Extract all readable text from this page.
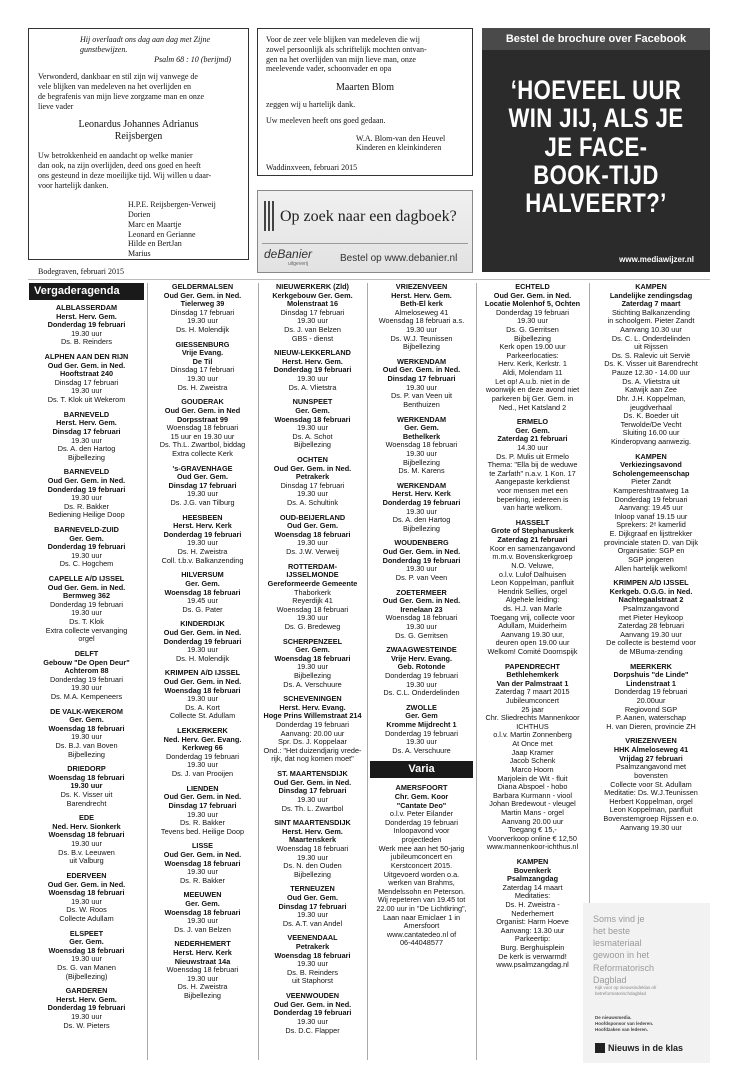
Hij overlaadt ons dag aan dag met Zijne
gunstbewijzen.
Psalm 68 : 10 (berijmd)
Verwonderd, dankbaar en stil zijn wij vanwege de
vele blijken van medeleven na het overlijden en
de begrafenis van mijn lieve zorgzame man en onze
lieve vader
Leonardus Johannes Adrianus
Reijsbergen
Uw betrokkenheid en aandacht op welke manier
dan ook, na zijn overlijden, deed ons goed en heeft
ons gesteund in deze moeilijke tijd. Wij willen u daar-
voor hartelijk danken.
H.P.E. Reijsbergen-Verweij
Dorien
Marc en Maartje
Leonard en Gerianne
Hilde en BertJan
Marius
Bodegraven, februari 2015
Voor de zeer vele blijken van medeleven die wij
zowel persoonlijk als schriftelijk mochten ontvan-
gen na het overlijden van mijn lieve man, onze
meelevende vader, schoonvader en opa
Maarten Blom
zeggen wij u hartelijk dank.
Uw meeleven heeft ons goed gedaan.
W.A. Blom-van den Heuvel
Kinderen en kleinkinderen
Waddinxveen, februari 2015
Op zoek naar een dagboek?
deBanier
uitgeverij	Bestel op www.debanier.nl
Bestel de brochure over Facebook
‘HOEVEEL UUR
WIN JIJ, ALS JE
JE FACE-
BOOK-TIJD
HALVEERT?’
www.mediawijzer.nl
Vergaderagenda
ALBLASSERDAM
Herst. Herv. Gem.
Donderdag 19 februari
19.30 uur
Ds. B. Reinders
ALPHEN AAN DEN RIJN
Oud Ger. Gem. in Ned.
Hooftstraat 240
Dinsdag 17 februari
19.30 uur
Ds. T. Klok uit Wekerom
BARNEVELD
Herst. Herv. Gem.
Dinsdag 17 februari
19.30 uur
Ds. A. den Hartog
Bijbellezing
BARNEVELD
Oud Ger. Gem. in Ned.
Donderdag 19 februari
19.30 uur
Ds. R. Bakker
Bediening Heilige Doop
BARNEVELD-ZUID
Ger. Gem.
Donderdag 19 februari
19.30 uur
Ds. C. Hogchem
CAPELLE A/D IJSSEL
Oud Ger. Gem. in Ned.
Bermweg 362
Donderdag 19 februari
19.30 uur
Ds. T. Klok
Extra collecte vervanging
orgel
DELFT
Gebouw "De Open Deur"
Achterom 88
Donderdag 19 februari
19.30 uur
Ds. M.A. Kempeneers
DE VALK-WEKEROM
Ger. Gem.
Woensdag 18 februari
19.30 uur
Ds. B.J. van Boven
Bijbellezing
DRIEDORP
Woensdag 18 februari
19.30 uur
Ds. K. Visser uit
Barendrecht
EDE
Ned. Herv. Sionkerk
Woensdag 18 februari
19.30 uur
Ds. B.v. Leeuwen
uit Valburg
EDERVEEN
Oud Ger. Gem. in Ned.
Woensdag 18 februari
19.30 uur
Ds. W. Roos
Collecte Adullam
ELSPEET
Ger. Gem.
Woensdag 18 februari
19.30 uur
Ds. G. van Manen
(Bijbellezing)
GARDEREN
Herst. Herv. Gem.
Donderdag 19 februari
19.30 uur
Ds. W. Pieters
GELDERMALSEN
Oud Ger. Gem. in Ned.
Tielerweg 39
Dinsdag 17 februari
19.30 uur
Ds. H. Molendijk
GIESSENBURG
Vrije Evang.
De Til
Dinsdag 17 februari
19.30 uur
Ds. H. Zweistra
GOUDERAK
Oud Ger. Gem. in Ned
Dorpsstraat 99
Woensdag 18 februari
15 uur en 19.30 uur
Ds. Th.L. Zwartbol, biddag
Extra collecte Kerk
's-GRAVENHAGE
Oud Ger. Gem.
Dinsdag 17 februari
19.30 uur
Ds. J.G. van Tilburg
HEESBEEN
Herst. Herv. Kerk
Donderdag 19 februari
19.30 uur
Ds. H. Zweistra
Coll. t.b.v. Balkanzending
HILVERSUM
Ger. Gem.
Woensdag 18 februari
19.45 uur
Ds. G. Pater
KINDERDIJK
Oud Ger. Gem. in Ned.
Donderdag 19 februari
19.30 uur
Ds. H. Molendijk
KRIMPEN A/D IJSSEL
Oud Ger. Gem. in Ned.
Woensdag 18 februari
19.30 uur
Ds. A. Kort
Collecte St. Adullam
LEKKERKERK
Ned. Herv. Ger. Evang.
Kerkweg 66
Donderdag 19 februari
19.30 uur
Ds. J. van Prooijen
LIENDEN
Oud Ger. Gem. in Ned.
Dinsdag 17 februari
19.30 uur
Ds. R. Bakker
Tevens bed. Heilige Doop
LISSE
Oud Ger. Gem. in Ned.
Woensdag 18 februari
19.30 uur
Ds. R. Bakker
MEEUWEN
Ger. Gem.
Woensdag 18 februari
19.30 uur
Ds. J. van Belzen
NEDERHEMERT
Herst. Herv. Kerk
Nieuwstraat 14a
Woensdag 18 februari
19.30 uur
Ds. H. Zweistra
Bijbellezing
NIEUWERKERK (Zld)
Kerkgebouw Ger. Gem.
Molenstraat 16
Dinsdag 17 februari
19.30 uur
Ds. J. van Belzen
GBS - dienst
NIEUW-LEKKERLAND
Herst. Herv. Gem.
Donderdag 19 februari
19.30 uur
Ds. A. Vlietstra
NUNSPEET
Ger. Gem.
Woensdag 18 februari
19.30 uur
Ds. A. Schot
Bijbellezing
OCHTEN
Oud Ger. Gem. in Ned.
Petrakerk
Dinsdag 17 februari
19.30 uur
Ds. A. Schultink
OUD-BEIJERLAND
Oud Ger. Gem.
Woensdag 18 februari
19.30 uur
Ds. J.W. Verweij
ROTTERDAM-
IJSSELMONDE
Gereformeerde Gemeente
Thaborkerk
Reyerdijk 41
Woensdag 18 februari
19.30 uur
Ds. G. Bredeweg
SCHERPENZEEL
Ger. Gem.
Woensdag 18 februari
19.30 uur
Bijbellezing
Ds. A. Verschuure
SCHEVENINGEN
Herst. Herv. Evang.
Hoge Prins Willemstraat 214
Donderdag 19 februari
Aanvang: 20.00 uur
Spr. Ds. J. Koppelaar
Ond.: "Het duizendjarig vrede-
rijk, dat nog komen moet"
ST. MAARTENSDIJK
Oud Ger. Gem. in Ned.
Dinsdag 17 februari
19.30 uur
Ds. Th. L. Zwartbol
SINT MAARTENSDIJK
Herst. Herv. Gem.
Maartenskerk
Woensdag 18 februari
19.30 uur
Ds. N. den Ouden
Bijbellezing
TERNEUZEN
Oud Ger. Gem.
Dinsdag 17 februari
19.30 uur
Ds. A.T. van Andel
VEENENDAAL
Petrakerk
Woensdag 18 februari
19.30 uur
Ds. B. Reinders
uit Staphorst
VEENWOUDEN
Oud Ger. Gem. in Ned.
Donderdag 19 februari
19.30 uur
Ds. D.C. Flapper
VRIEZENVEEN
Herst. Herv. Gem.
Beth-El kerk
Almeloseweg 41
Woensdag 18 februari a.s.
19.30 uur
Ds. W.J. Teunissen
Bijbellezing
WERKENDAM
Oud Ger. Gem. in Ned.
Dinsdag 17 februari
19.30 uur
Ds. P. van Veen uit
Benthuizen
WERKENDAM
Ger. Gem.
Bethelkerk
Woensdag 18 februari
19.30 uur
Bijbellezing
Ds. M. Karens
WERKENDAM
Herst. Herv. Kerk
Donderdag 19 februari
19.30 uur
Ds. A. den Hartog
Bijbellezing
WOUDENBERG
Oud Ger. Gem. in Ned.
Donderdag 19 februari
19.30 uur
Ds. P. van Veen
ZOETERMEER
Oud Ger. Gem. in Ned.
Irenelaan 23
Woensdag 18 februari
19.30 uur
Ds. G. Gerritsen
ZWAAGWESTEINDE
Vrije Herv. Evang.
Geb. Rotonde
Donderdag 19 februari
19.30 uur
Ds. C.L. Onderdelinden
ZWOLLE
Ger. Gem
Kromme Mijdrecht 1
Donderdag 19 februari
19.30 uur
Ds. A. Verschuure
Varia
AMERSFOORT
Chr. Gem. Koor
"Cantate Deo"
o.l.v. Peter Eilander
Donderdag 19 februari
Inloopavond voor
projectleden
Werk mee aan het 50-jarig
jubileumconcert en
Kerstconcert 2015.
Uitgevoerd worden o.a.
werken van Brahms,
Mendelssohn en Peterson.
Wij repeteren van 19.45 tot
22.00 uur in "De Lichtkring",
Laan naar Emiclaer 1 in
Amersfoort
www.cantatedeo.nl of
06-44048577
ECHTELD
Oud Ger. Gem. in Ned.
Locatie Molenhof 5, Ochten
Donderdag 19 februari
19.30 uur
Ds. G. Gerritsen
Bijbellezing
Kerk open 19.00 uur
Parkeerlocaties:
Herv. Kerk, Kerkstr. 1
Aldi, Molendam 11
Let op! A.u.b. niet in de
woonwijk en deze avond niet
parkeren bij Ger. Gem. in
Ned., Het Katsland 2
ERMELO
Ger. Gem.
Zaterdag 21 februari
14.30 uur
Ds. P. Mulis uit Ermelo
Thema: "Ella bij de weduwe
te Zarfath" n.a.v. 1 Kon. 17
Aangepaste kerkdienst
voor mensen met een
beperking, iedereen is
van harte welkom.
HASSELT
Grote of Stephanuskerk
Zaterdag 21 februari
Koor en samenzangavond
m.m.v. Bovenskerkgroep
N.O. Veluwe,
o.l.v. Lulof Dalhuisen
Leon Koppelman, panfluit
Hendrik Sellies, orgel
Algehele leiding:
ds. H.J. van Marle
Toegang vrij, collecte voor
Adullam, Muiderheim
Aanvang 19.30 uur,
deuren open 19.00 uur
Welkom! Comité Doornspijk
PAPENDRECHT
Bethlehemkerk
Van der Palmstraat 1
Zaterdag 7 maart 2015
Jubileumconcert
25 jaar
Chr. Sliedrechts Mannenkoor
ICHTHUS
o.l.v. Martin Zonnenberg
At Once met
Jaap Kramer
Jacob Schenk
Marco Hoorn
Marjolein de Wit - fluit
Diana Abspoel - hobo
Barbara Kurmann - viool
Johan Bredewout - vleugel
Martin Mans - orgel
Aanvang 20.00 uur
Toegang € 15,-
Voorverkoop online € 12,50
www.mannenkoor-ichthus.nl
KAMPEN
Bovenkerk
Psalmzangdag
Zaterdag 14 maart
Meditaties:
Ds. H. Zweistra -
Nederhemert
Organist: Harm Hoeve
Aanvang: 13.30 uur
Parkeertip:
Burg. Berghuisplein
De kerk is verwarmd!
www.psalmzangdag.nl
KAMPEN
Landelijke zendingsdag
Zaterdag 7 maart
Stichting Balkanzending
in schoolgem. Pieter Zandt
Aanvang 10.30 uur
Ds. C. L. Onderdelinden
uit Rijssen
Ds. S. Ralevic uit Servië
Ds. K. Visser uit Barendrecht
Pauze 12.30 - 14.00 uur
Ds. A. Vlietstra uit
Katwijk aan Zee
Dhr. J.H. Koppelman,
jeugdverhaal
Ds. K. Boeder uit
Terwolde/De Vecht
Sluiting 16.00 uur
Kinderopvang aanwezig.
KAMPEN
Verkiezingsavond
Scholengemeenschap
Pieter Zandt
Kampereshtraatweg 1a
Donderdag 19 februari
Aanvang: 19.45 uur
Inloop vanaf 19.15 uur
Sprekers: 2ᵉ kamerlid
E. Dijkgraaf en lijsttrekker
provinciale staten D. van Dijk
Organisatie: SGP en
SGP jongeren
Allen hartelijk welkom!
KRIMPEN A/D IJSSEL
Kerkgeb. O.G.G. in Ned.
Nachtegaalstraat 2
Psalmzangavond
met Pieter Heykoop
Zaterdag 28 februari
Aanvang 19.30 uur
De collecte is bestemd voor
de MBuma-zending
MEERKERK
Dorpshuis "de Linde"
Lindenstraat 1
Donderdag 19 februari
20.00uur
Regiovond SGP
P. Aanen, waterschap
H. van Dieren, provincie ZH
VRIEZENVEEN
HHK Almeloseweg 41
Vrijdag 27 februari
Psalmzangavond met
bovensten
Collecte voor St. Adullam
Meditatie: Ds. W.J.Teunissen
Herbert Koppelman, orgel
Leon Koppelman, panfluit
Bovenstemgroep Rijssen e.o.
Aanvang 19.30 uur
Soms vind je
het beste
lesmateriaal
gewoon in het
Reformatorisch
Dagblad
Kijk voor op nieuwsindeklas.nl/
betreformatorischdagblad
De nieuwsmedia.
Hoofdsponsor van lederen.
Hoofdzaken van lederen.
Nieuws in de klas
